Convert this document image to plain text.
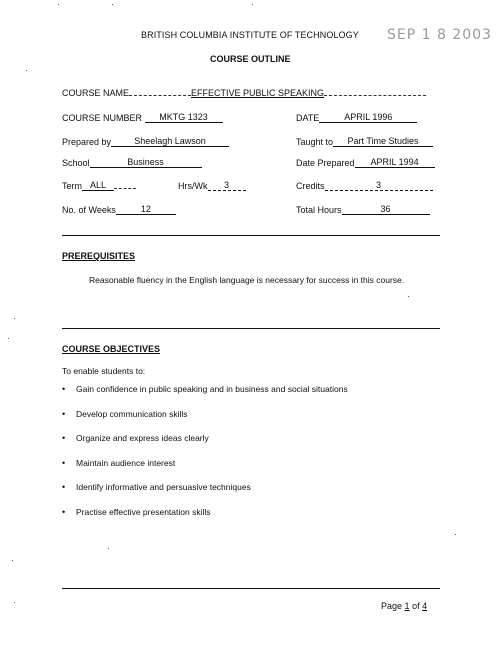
BRITISH COLUMBIA INSTITUTE OF TECHNOLOGY SEP 1 8 2003
COURSE OUTLINE
COURSE NAME	EFFECTIVE PUBLIC SPEAKING
COURSE NUMBER MKTG 1323	DATE	APRIL 1996
Prepared by	Sheelagh Lawson	Taught to Part Time Studies
School	Business	Date Prepared APRIL 1994
Term ALL	Hrs/Wk 3	Credits	3
No. of Weeks	12	Total Hours	36
PREREQUISITES
Reasonable fluency in the English language is necessary for success in this course.
COURSE OBJECTIVES
To enable students to:
•	Gain confidence in public speaking and in business and social situations
•	Develop communication skills
•	Organize and express ideas clearly
•	Maintain audience interest
•	Identify informative and persuasive techniques
•	Practise effective presentation skills
Page 1 of 4
